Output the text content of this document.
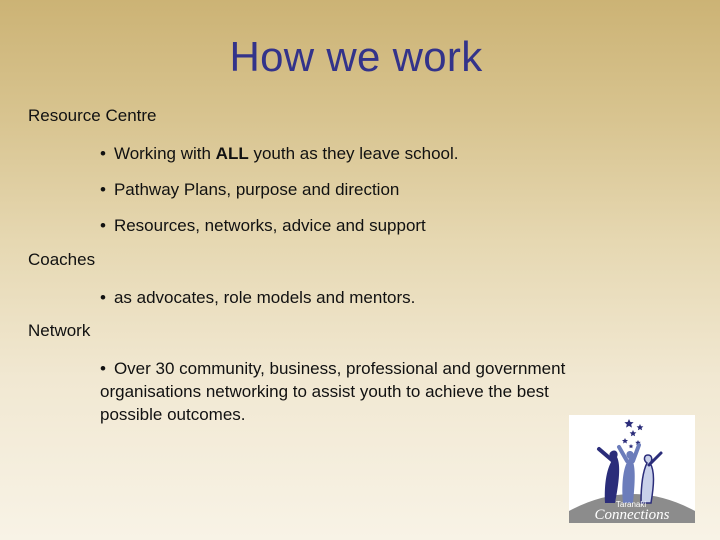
How we work
Resource Centre
• Working with ALL youth as they leave school.
• Pathway Plans, purpose and direction
• Resources, networks, advice and support
Coaches
• as advocates, role models and mentors.
Network
• Over 30 community, business, professional and government
organisations networking to assist youth to achieve the best
possible outcomes.
Taranaki
Connections
